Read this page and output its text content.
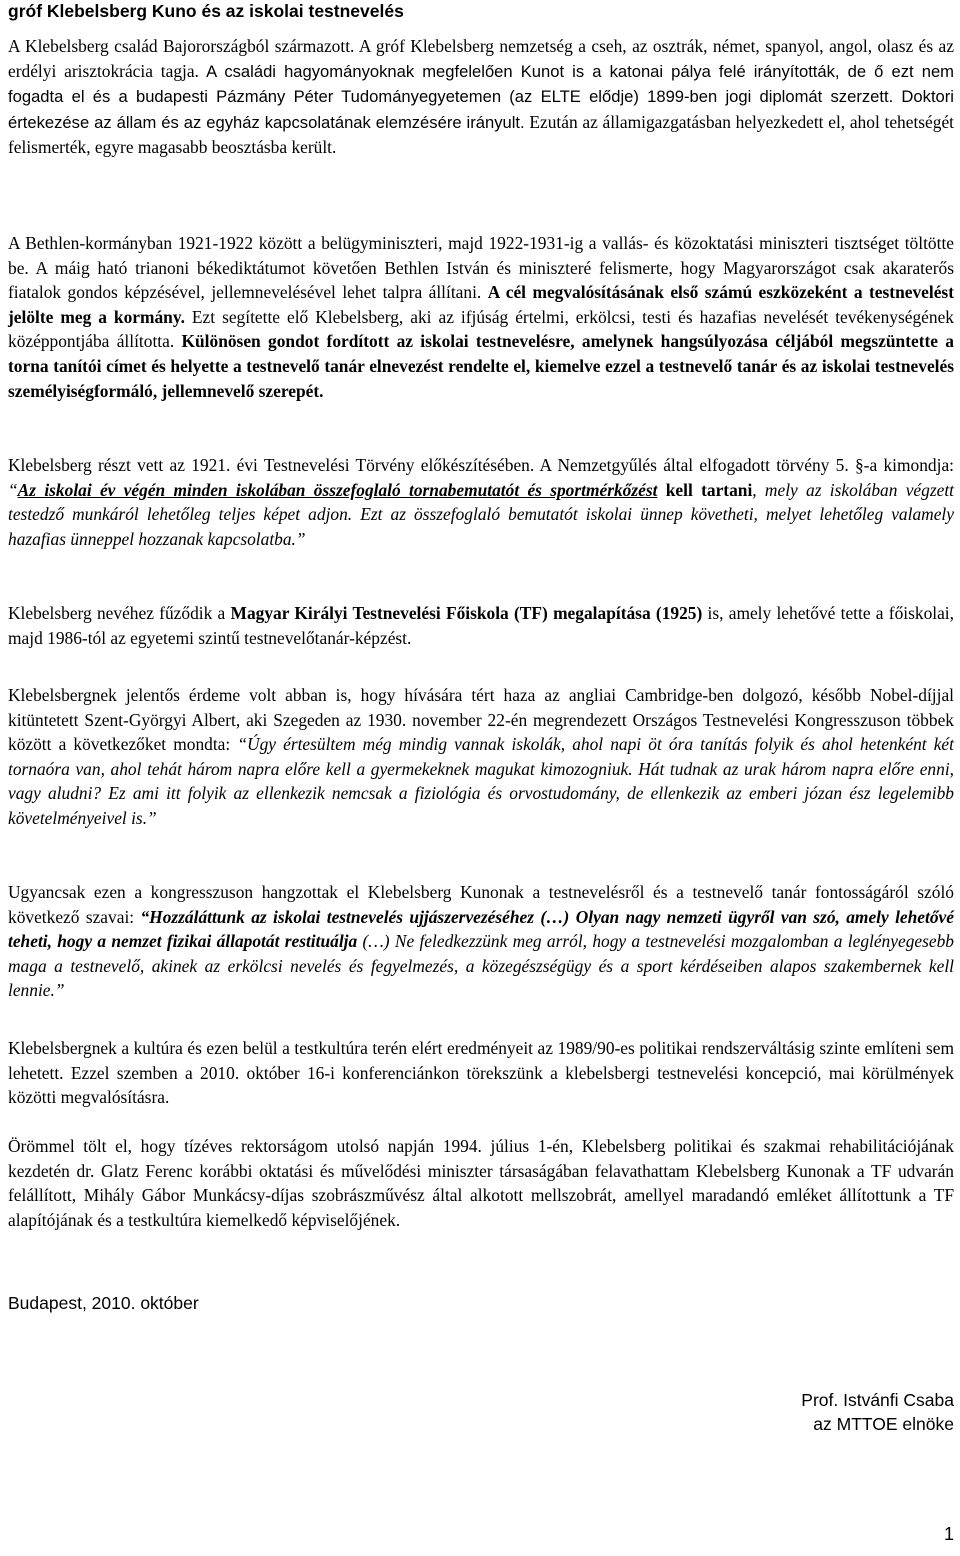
gróf Klebelsberg Kuno és az iskolai testnevelés

A Klebelsberg család Bajorországból származott. A gróf Klebelsberg nemzetség a cseh, az osztrák, német, spanyol, angol, olasz és az erdélyi arisztokrácia tagja. A családi hagyományoknak megfelelően Kunot is a katonai pálya felé irányították, de ő ezt nem fogadta el és a budapesti Pázmány Péter Tudományegyetemen (az ELTE elődje) 1899-ben jogi diplomát szerzett. Doktori értekezése az állam és az egyház kapcsolatának elemzésére irányult. Ezután az államigazgatásban helyezkedett el, ahol tehetségét felismerték, egyre magasabb beosztásba került.

A Bethlen-kormányban 1921-1922 között a belügyminiszteri, majd 1922-1931-ig a vallás- és közoktatási miniszteri tisztséget töltötte be. A máig ható trianoni békediktátumot követően Bethlen István és miniszteré felismerte, hogy Magyarországot csak akaraterős fiatalok gondos képzésével, jellemnevelésével lehet talpra állítani. A cél megvalósításának első számú eszközeként a testnevelést jelölte meg a kormány. Ezt segítette elő Klebelsberg, aki az ifjúság értelmi, erkölcsi, testi és hazafias nevelését tevékenységének középpontjába állította. Különösen gondot fordított az iskolai testnevelésre, amelynek hangsúlyozása céljából megszüntette a torna tanítói címet és helyette a testnevelő tanár elnevezést rendelte el, kiemelve ezzel a testnevelő tanár és az iskolai testnevelés személyiségformáló, jellemnevelő szerepét.

Klebelsberg részt vett az 1921. évi Testnevelési Törvény előkészítésében. A Nemzetgyűlés által elfogadott törvény 5. §-a kimondja: “Az iskolai év végén minden iskolában összefoglaló tornabemutatót és sportmérkőzést kell tartani, mely az iskolában végzett testedző munkáról lehetőleg teljes képet adjon. Ezt az összefoglaló bemutatót iskolai ünnep követheti, melyet lehetőleg valamely hazafias ünneppel hozzanak kapcsolatba.”

Klebelsberg nevéhez fűződik a Magyar Királyi Testnevelési Főiskola (TF) megalapítása (1925) is, amely lehetővé tette a főiskolai, majd 1986-tól az egyetemi szintű testnevelőtanár-képzést.

Klebelsbergnek jelentős érdeme volt abban is, hogy hívására tért haza az angliai Cambridge-ben dolgozó, később Nobel-díjjal kitüntetett Szent-Györgyi Albert, aki Szegeden az 1930. november 22-én megrendezett Országos Testnevelési Kongresszuson többek között a következőket mondta: “Úgy értesültem még mindig vannak iskolák, ahol napi öt óra tanítás folyik és ahol hetenként két tornaóra van, ahol tehát három napra előre kell a gyermekeknek magukat kimozogniuk. Hát tudnak az urak három napra előre enni, vagy aludni? Ez ami itt folyik az ellenkezik nemcsak a fiziológia és orvostudomány, de ellenkezik az emberi józan ész legelemibb követelményeivel is.”

Ugyancsak ezen a kongresszuson hangzottak el Klebelsberg Kunonak a testnevelésről és a testnevelő tanár fontosságáról szóló következő szavai: “Hozzáláttunk az iskolai testnevelés ujjászervezéséhez (…) Olyan nagy nemzeti ügyről van szó, amely lehetővé teheti, hogy a nemzet fizikai állapotát restituálja (…) Ne feledkezzünk meg arról, hogy a testnevelési mozgalomban a leglényegesebb maga a testnevelő, akinek az erkölcsi nevelés és fegyelmezés, a közegészségügy és a sport kérdéseiben alapos szakembernek kell lennie.”

Klebelsbergnek a kultúra és ezen belül a testkultúra terén elért eredményeit az 1989/90-es politikai rendszerváltásig szinte említeni sem lehetett. Ezzel szemben a 2010. október 16-i konferenciánkon törekszünk a klebelsbergi testnevelési koncepció, mai körülmények közötti megvalósításra.

Örömmel tölt el, hogy tízéves rektorságom utolsó napján 1994. július 1-én, Klebelsberg politikai és szakmai rehabilitációjának kezdetén dr. Glatz Ferenc korábbi oktatási és művelődési miniszter társaságában felavathattam Klebelsberg Kunonak a TF udvarán felállított, Mihály Gábor Munkácsy-díjas szobrászművész által alkotott mellszobrát, amellyel maradandó emléket állítottunk a TF alapítójának és a testkultúra kiemelkedő képviselőjének.

Budapest, 2010. október
Prof. Istvánfi Csaba
az MTTOE elnöke
1
